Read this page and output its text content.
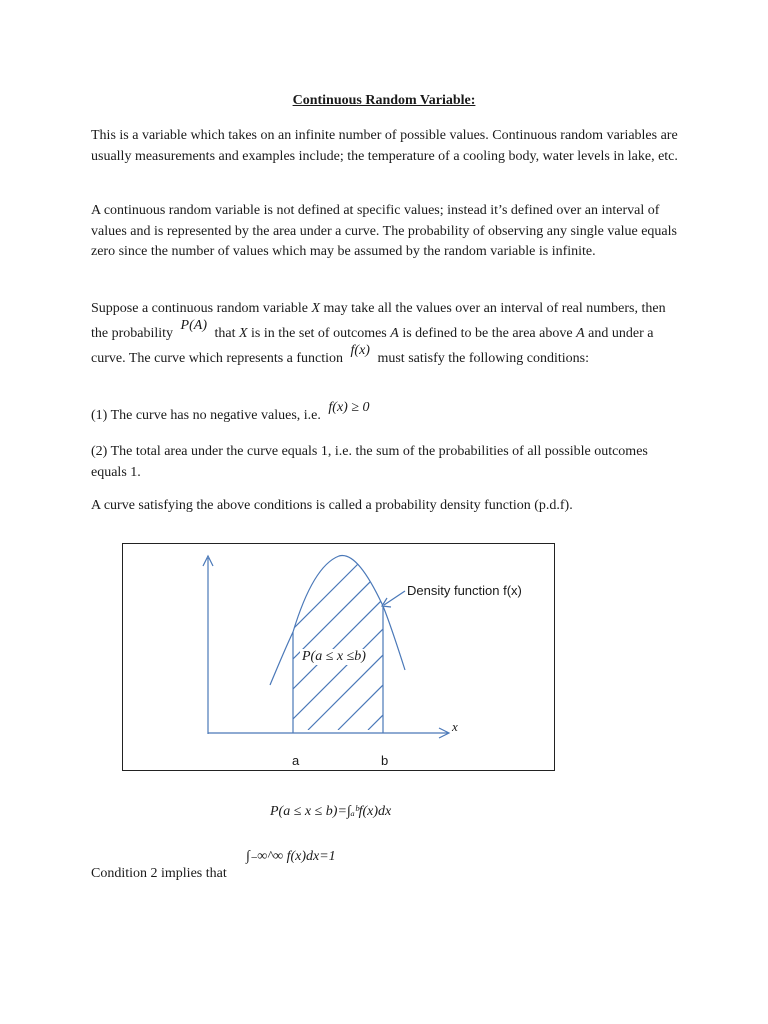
Continuous Random Variable:

This is a variable which takes on an infinite number of possible values. Continuous random variables are usually measurements and examples include; the temperature of a cooling body, water levels in lake, etc.

A continuous random variable is not defined at specific values; instead it’s defined over an interval of values and is represented by the area under a curve. The probability of observing any single value equals zero since the number of values which may be assumed by the random variable is infinite.

Suppose a continuous random variable X may take all the values over an interval of real numbers, then the probability P(A) that X is in the set of outcomes A is defined to be the area above A and under a curve. The curve which represents a function f(x) must satisfy the following conditions:

(1) The curve has no negative values, i.e. f(x) ≥ 0

(2) The total area under the curve equals 1, i.e. the sum of the probabilities of all possible outcomes equals 1.

A curve satisfying the above conditions is called a probability density function (p.d.f).

Density function f(x)
P(a ≤ x ≤b)
x
a	b
P(a ≤ x ≤ b)=∫ₐᵇf(x)dx
∫₋∞^∞ f(x)dx=1
Condition 2 implies that
